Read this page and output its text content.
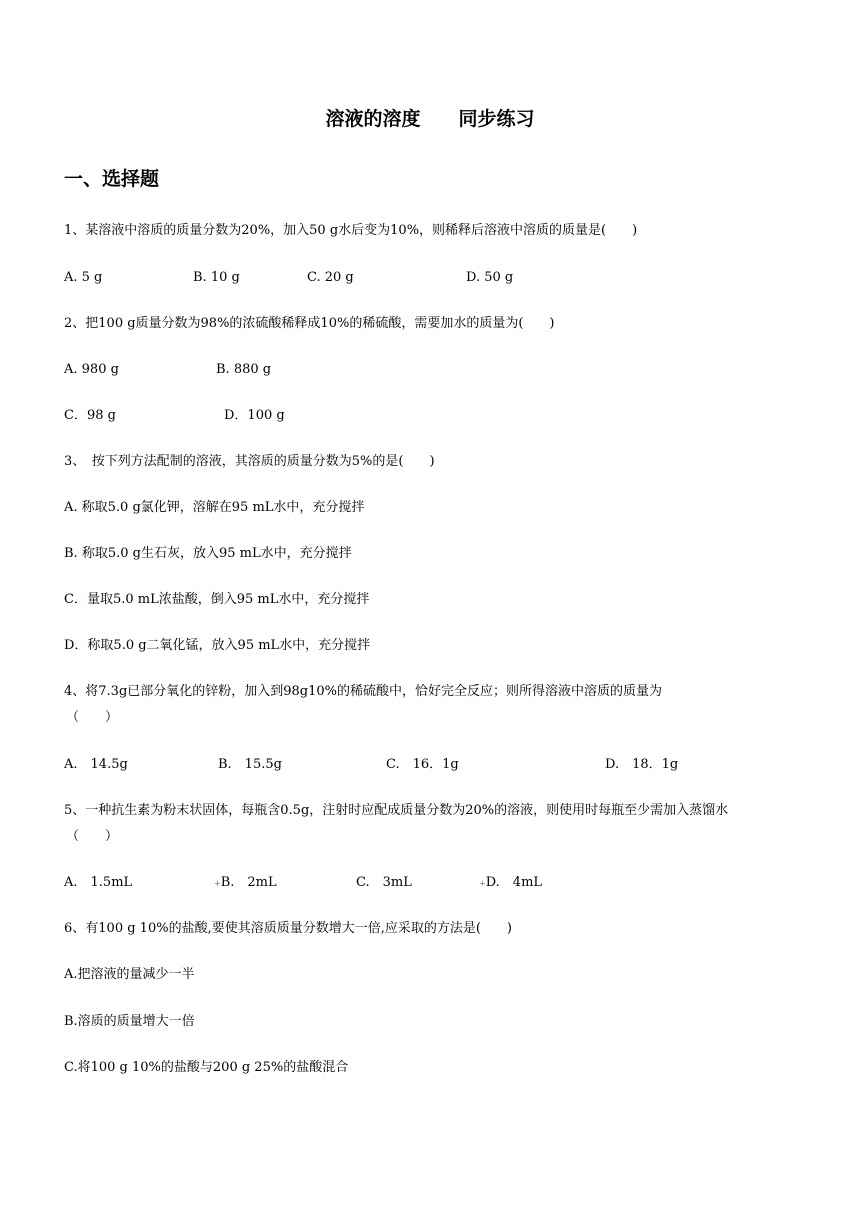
溶液的溶度　　同步练习
一、选择题
1、某溶液中溶质的质量分数为20%，加入50 g水后变为10%，则稀释后溶液中溶质的质量是(　　)
A. 5 g	B. 10 g	C. 20 g	D. 50 g
2、把100 g质量分数为98%的浓硫酸稀释成10%的稀硫酸，需要加水的质量为(　　)
A. 980 g	B. 880 g
C．98 g	D．100 g
3、　按下列方法配制的溶液，其溶质的质量分数为5%的是(　　)
A. 称取5.0 g氯化钾，溶解在95 mL水中，充分搅拌
B. 称取5.0 g生石灰，放入95 mL水中，充分搅拌
C．量取5.0 mL浓盐酸，倒入95 mL水中，充分搅拌
D．称取5.0 g二氧化锰，放入95 mL水中，充分搅拌
4、将7.3g已部分氧化的锌粉，加入到98g10%的稀硫酸中，恰好完全反应；则所得溶液中溶质的质量为
（　　）
A.　14.5g	B.　15.5g	C.　16．1g	D.　18．1g
5、一种抗生素为粉末状固体，每瓶含0.5g，注射时应配成质量分数为20%的溶液，则使用时每瓶至少需加入蒸馏水
（　　）
A.　1.5mL	+B.　2mL	C.　3mL	+D.　4mL
6、有100 g 10%的盐酸,要使其溶质质量分数增大一倍,应采取的方法是(　　)
A.把溶液的量减少一半
B.溶质的质量增大一倍
C.将100 g 10%的盐酸与200 g 25%的盐酸混合
